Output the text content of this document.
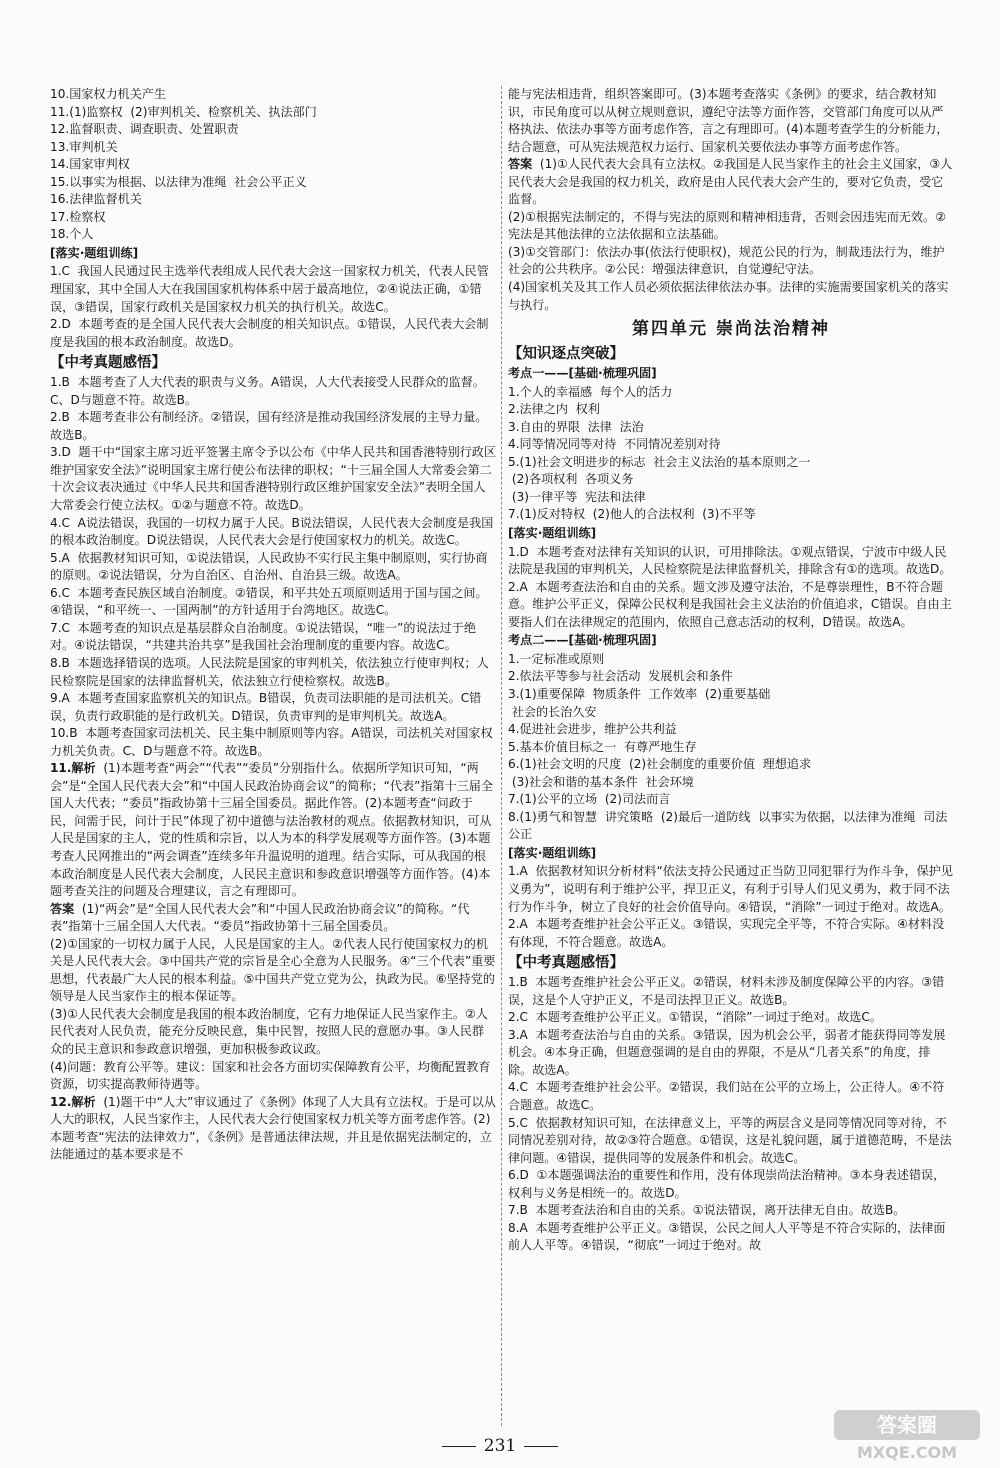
10.国家权力机关产生
11.(1)监察权  (2)审判机关、检察机关、执法部门
12.监督职责、调查职责、处置职责
13.审判机关
14.国家审判权
15.以事实为根据、以法律为准绳  社会公平正义
16.法律监督机关
17.检察权
18.个人
[落实·题组训练]
1.C  我国人民通过民主选举代表组成人民代表大会这一国家权力机关，代表人民管理国家，其中全国人大在我国国家机构体系中居于最高地位，②④说法正确，①错误，③错误，国家行政机关是国家权力机关的执行机关。故选C。
2.D  本题考查的是全国人民代表大会制度的相关知识点。①错误，人民代表大会制度是我国的根本政治制度。故选D。
【 中考真题感悟 】
1.B  本题考查了人大代表的职责与义务。A错误，人大代表接受人民群众的监督。C、D与题意不符。故选B。
2.B  本题考查非公有制经济。②错误，国有经济是推动我国经济发展的主导力量。故选B。
3.D  题干中“国家主席习近平签署主席令予以公布《中华人民共和国香港特别行政区维护国家安全法》”说明国家主席行使公布法律的职权；“十三届全国人大常委会第二十次会议表决通过《中华人民共和国香港特别行政区维护国家安全法》”表明全国人大常委会行使立法权。①②与题意不符。故选D。
4.C  A说法错误，我国的一切权力属于人民。B说法错误，人民代表大会制度是我国的根本政治制度。D说法错误，人民代表大会是行使国家权力的机关。故选C。
5.A  依据教材知识可知，①说法错误，人民政协不实行民主集中制原则，实行协商的原则。②说法错误，分为自治区、自治州、自治县三级。故选A。
6.C  本题考查民族区域自治制度。②错误，和平共处五项原则适用于国与国之间。④错误，“和平统一、一国两制”的方针适用于台湾地区。故选C。
7.C  本题考查的知识点是基层群众自治制度。①说法错误，“唯一”的说法过于绝对。④说法错误，“共建共治共享”是我国社会治理制度的重要内容。故选C。
8.B  本题选择错误的选项。人民法院是国家的审判机关，依法独立行使审判权；人民检察院是国家的法律监督机关，依法独立行使检察权。故选B。
9.A  本题考查国家监察机关的知识点。B错误，负责司法职能的是司法机关。C错误，负责行政职能的是行政机关。D错误，负责审判的是审判机关。故选A。
10.B  本题考查国家司法机关、民主集中制原则等内容。A错误，司法机关对国家权力机关负责。C、D与题意不符。故选B。
11.解析  (1)本题考查“两会”“代表”“委员”分别指什么。依据所学知识可知，“两会”是“全国人民代表大会”和“中国人民政治协商会议”的简称；“代表”指第十三届全国人大代表；“委员”指政协第十三届全国委员。据此作答。(2)本题考查“问政于民，问需于民，问计于民”体现了初中道德与法治教材的观点。依据教材知识，可从人民是国家的主人，党的性质和宗旨，以人为本的科学发展观等方面作答。(3)本题考查人民网推出的“两会调查”连续多年升温说明的道理。结合实际，可从我国的根本政治制度是人民代表大会制度，人民民主意识和参政意识增强等方面作答。(4)本题考查关注的问题及合理建议，言之有理即可。
答案  (1)“两会”是“全国人民代表大会”和“中国人民政治协商会议”的简称。“代表”指第十三届全国人大代表。“委员”指政协第十三届全国委员。
(2)①国家的一切权力属于人民，人民是国家的主人。②代表人民行使国家权力的机关是人民代表大会。③中国共产党的宗旨是全心全意为人民服务。④“三个代表”重要思想，代表最广大人民的根本利益。⑤中国共产党立党为公，执政为民。⑥坚持党的领导是人民当家作主的根本保证等。
(3)①人民代表大会制度是我国的根本政治制度，它有力地保证人民当家作主。②人民代表对人民负责，能充分反映民意，集中民智，按照人民的意愿办事。③人民群众的民主意识和参政意识增强，更加积极参政议政。
(4)问题：教育公平等。建议：国家和社会各方面切实保障教育公平，均衡配置教育资源，切实提高教师待遇等。
12.解析  (1)题干中“人大”审议通过了《条例》体现了人大具有立法权。于是可以从人大的职权，人民当家作主，人民代表大会行使国家权力机关等方面考虑作答。(2)本题考查“宪法的法律效力”，《条例》是普通法律法规，并且是依据宪法制定的，立法能通过的基本要求是不
能与宪法相违背，组织答案即可。(3)本题考查落实《条例》的要求，结合教材知识，市民角度可以从树立规则意识，遵纪守法等方面作答，交管部门角度可以从严格执法、依法办事等方面考虑作答，言之有理即可。(4)本题考查学生的分析能力，结合题意，可从宪法规范权力运行、国家机关要依法办事等方面考虑作答。
答案  (1)①人民代表大会具有立法权。②我国是人民当家作主的社会主义国家，③人民代表大会是我国的权力机关，政府是由人民代表大会产生的，要对它负责，受它监督。
(2)①根据宪法制定的，不得与宪法的原则和精神相违背，否则会因违宪而无效。②宪法是其他法律的立法依据和立法基础。
(3)①交管部门：依法办事(依法行使职权)，规范公民的行为，制裁违法行为，维护社会的公共秩序。②公民：增强法律意识，自觉遵纪守法。
(4)国家机关及其工作人员必须依据法律依法办事。法律的实施需要国家机关的落实与执行。
第四单元 崇尚法治精神
【 知识逐点突破 】
考点一——[基础·梳理巩固]
1.个人的幸福感  每个人的活力
2.法律之内  权利
3.自由的界限  法律  法治
4.同等情况同等对待  不同情况差别对待
5.(1)社会文明进步的标志  社会主义法治的基本原则之一
(2)各项权利  各项义务
(3)一律平等  宪法和法律
7.(1)反对特权  (2)他人的合法权利  (3)不平等
[落实·题组训练]
1.D  本题考查对法律有关知识的认识，可用排除法。①观点错误，宁波市中级人民法院是我国的审判机关，人民检察院是法律监督机关，排除含有①的选项。故选D。
2.A  本题考查法治和自由的关系。题文涉及遵守法治，不是尊崇理性，B不符合题意。维护公平正义，保障公民权利是我国社会主义法治的价值追求，C错误。自由主要指人们在法律规定的范围内，依照自己意志活动的权利，D错误。故选A。
考点二——[基础·梳理巩固]
1.一定标准或原则
2.依法平等参与社会活动  发展机会和条件
3.(1)重要保障  物质条件  工作效率  (2)重要基础
社会的长治久安
4.促进社会进步，维护公共利益
5.基本价值目标之一  有尊严地生存
6.(1)社会文明的尺度  (2)社会制度的重要价值  理想追求
(3)社会和谐的基本条件  社会环境
7.(1)公平的立场  (2)司法而言
8.(1)勇气和智慧  讲究策略  (2)最后一道防线  以事实为依据，以法律为准绳  司法公正
[落实·题组训练]
1.A  依据教材知识分析材料“依法支持公民通过正当防卫同犯罪行为作斗争，保护见义勇为”，说明有利于维护公平，捍卫正义，有利于引导人们见义勇为，救于同不法行为作斗争，树立了良好的社会价值导向。④错误，“消除”一词过于绝对。故选A。
2.A  本题考查维护社会公平正义。③错误，实现完全平等，不符合实际。④材料没有体现，不符合题意。故选A。
【 中考真题感悟 】
1.B  本题考查维护社会公平正义。②错误，材料未涉及制度保障公平的内容。③错误，这是个人守护正义，不是司法捍卫正义。故选B。
2.C  本题考查维护公平正义。①错误，“消除”一词过于绝对。故选C。
3.A  本题考查法治与自由的关系。③错误，因为机会公平，弱者才能获得同等发展机会。④本身正确，但题意强调的是自由的界限，不是从“几者关系”的角度，排除。故选A。
4.C  本题考查维护社会公平。②错误，我们站在公平的立场上，公正待人。④不符合题意。故选C。
5.C  依据教材知识可知，在法律意义上，平等的两层含义是同等情况同等对待，不同情况差别对待，故②③符合题意。①错误，这是礼貌问题，属于道德范畴，不是法律问题。④错误，提供同等的发展条件和机会。故选C。
6.D  ①本题强调法治的重要性和作用，没有体现崇尚法治精神。③本身表述错误，权利与义务是相统一的。故选D。
7.B  本题考查法治和自由的关系。①说法错误，离开法律无自由。故选B。
8.A  本题考查维护公平正义。③错误，公民之间人人平等是不符合实际的，法律面前人人平等。④错误，“彻底”一词过于绝对。故
231
答案圈
MXQE.COM
